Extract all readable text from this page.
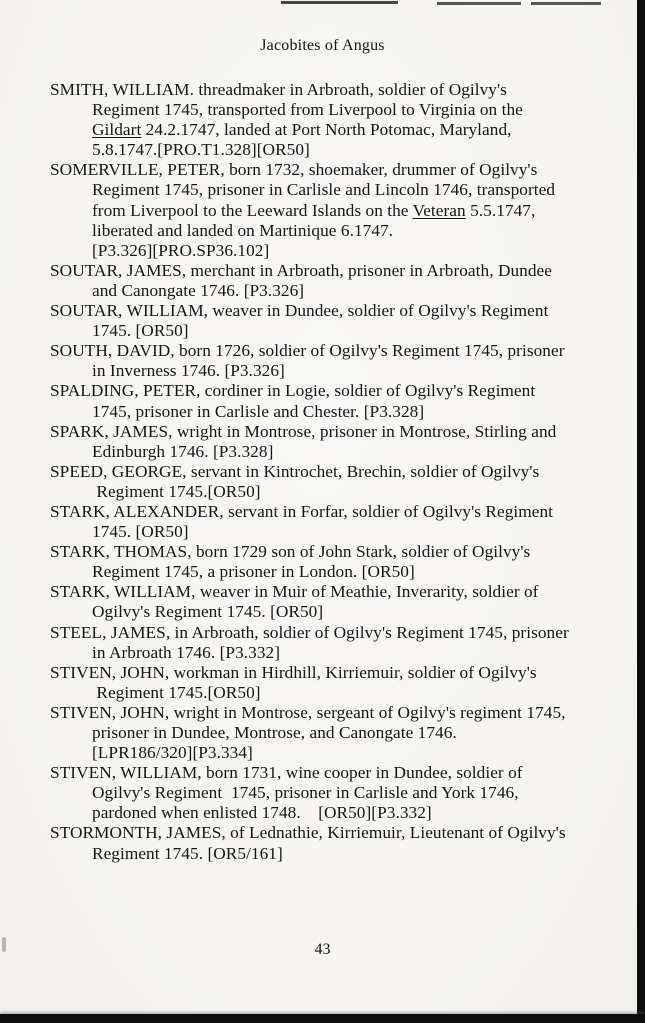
Jacobites of Angus
SMITH, WILLIAM. threadmaker in Arbroath, soldier of Ogilvy's
Regiment 1745, transported from Liverpool to Virginia on the
Gildart 24.2.1747, landed at Port North Potomac, Maryland,
5.8.1747.[PRO.T1.328][OR50]
SOMERVILLE, PETER, born 1732, shoemaker, drummer of Ogilvy's
Regiment 1745, prisoner in Carlisle and Lincoln 1746, transported
from Liverpool to the Leeward Islands on the Veteran 5.5.1747,
liberated and landed on Martinique 6.1747.
[P3.326][PRO.SP36.102]
SOUTAR, JAMES, merchant in Arbroath, prisoner in Arbroath, Dundee
and Canongate 1746. [P3.326]
SOUTAR, WILLIAM, weaver in Dundee, soldier of Ogilvy's Regiment
1745. [OR50]
SOUTH, DAVID, born 1726, soldier of Ogilvy's Regiment 1745, prisoner
in Inverness 1746. [P3.326]
SPALDING, PETER, cordiner in Logie, soldier of Ogilvy's Regiment
1745, prisoner in Carlisle and Chester. [P3.328]
SPARK, JAMES, wright in Montrose, prisoner in Montrose, Stirling and
Edinburgh 1746. [P3.328]
SPEED, GEORGE, servant in Kintrochet, Brechin, soldier of Ogilvy's
Regiment 1745.[OR50]
STARK, ALEXANDER, servant in Forfar, soldier of Ogilvy's Regiment
1745. [OR50]
STARK, THOMAS, born 1729 son of John Stark, soldier of Ogilvy's
Regiment 1745, a prisoner in London. [OR50]
STARK, WILLIAM, weaver in Muir of Meathie, Inverarity, soldier of
Ogilvy's Regiment 1745. [OR50]
STEEL, JAMES, in Arbroath, soldier of Ogilvy's Regiment 1745, prisoner
in Arbroath 1746. [P3.332]
STIVEN, JOHN, workman in Hirdhill, Kirriemuir, soldier of Ogilvy's
Regiment 1745.[OR50]
STIVEN, JOHN, wright in Montrose, sergeant of Ogilvy's regiment 1745,
prisoner in Dundee, Montrose, and Canongate 1746.
[LPR186/320][P3.334]
STIVEN, WILLIAM, born 1731, wine cooper in Dundee, soldier of
Ogilvy's Regiment  1745, prisoner in Carlisle and York 1746,
pardoned when enlisted 1748.    [OR50][P3.332]
STORMONTH, JAMES, of Lednathie, Kirriemuir, Lieutenant of Ogilvy's
Regiment 1745. [OR5/161]
43
